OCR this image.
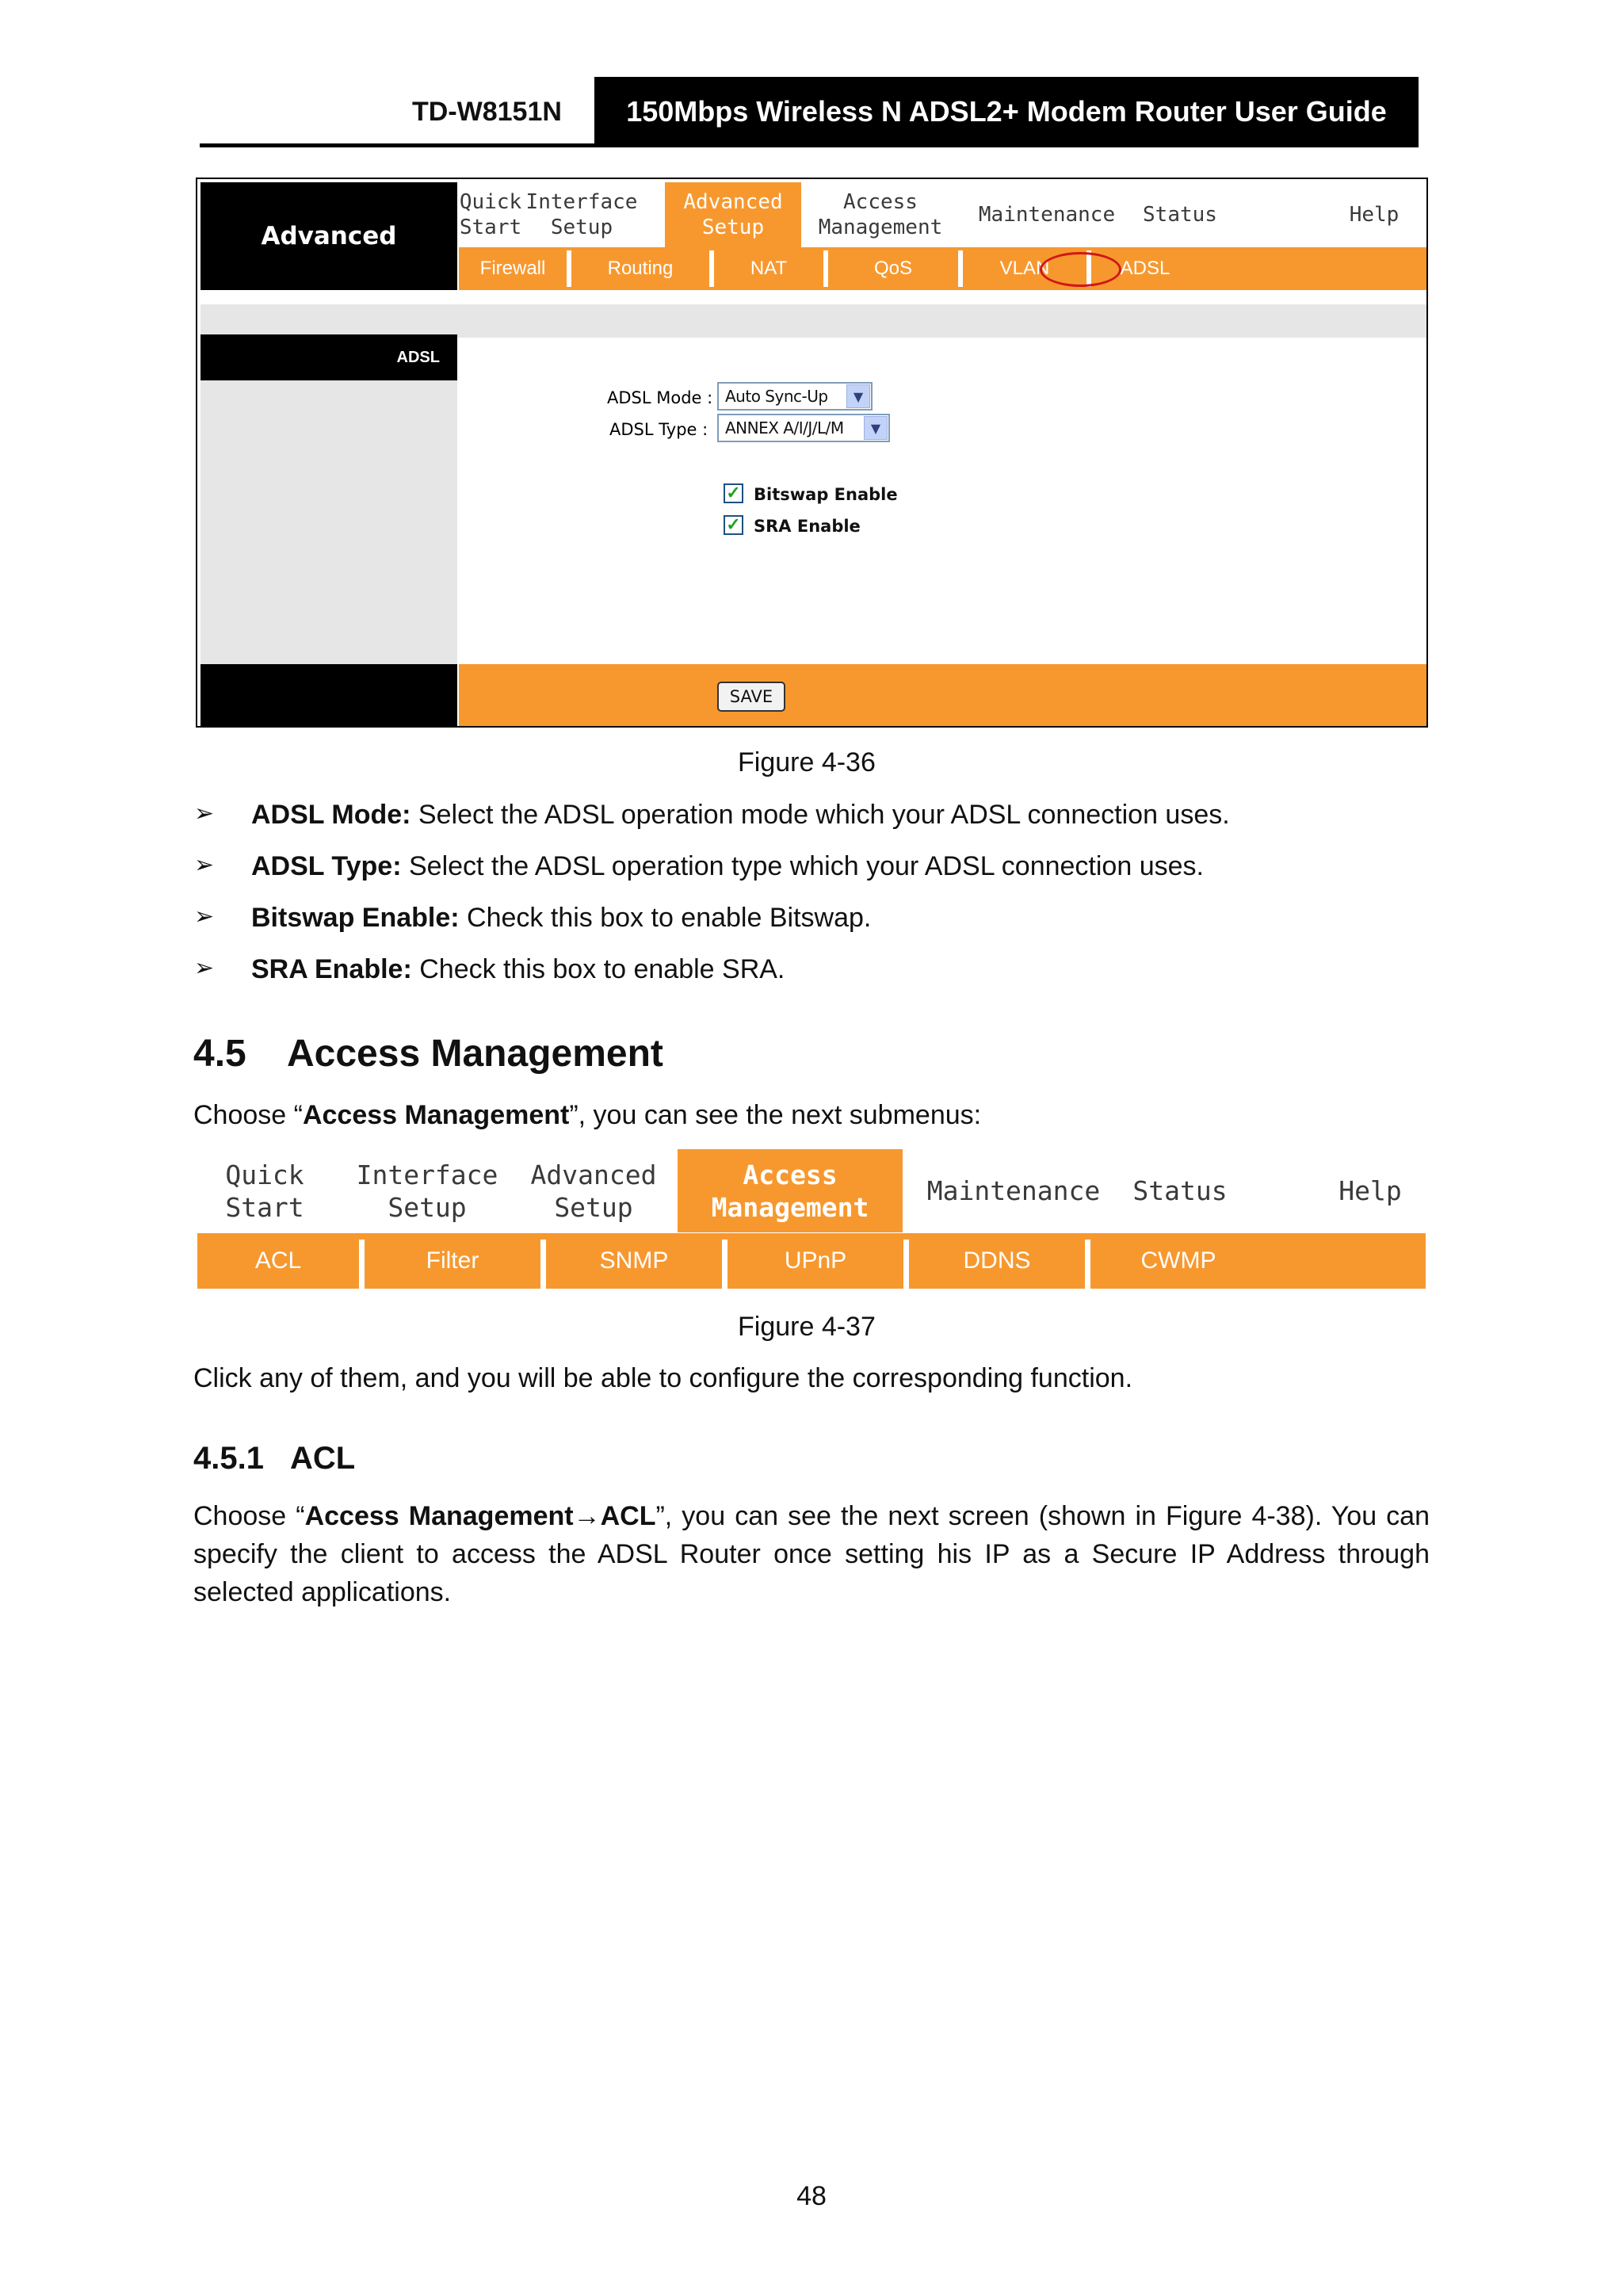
TD-W8151N	150Mbps Wireless N ADSL2+ Modem Router User Guide
Advanced
Quick
Start
Interface
Setup
Advanced
Setup
Access
Management
Maintenance	Status	Help
Firewall	Routing	NAT	QoS	VLAN	ADSL
ADSL
ADSL Mode : Auto Sync-Up	▼
ADSL Type : ANNEX A/I/J/L/M	▼
✓ Bitswap Enable
✓ SRA Enable
SAVE
Figure 4-36
➢ ADSL Mode: Select the ADSL operation mode which your ADSL connection uses.
➢ ADSL Type: Select the ADSL operation type which your ADSL connection uses.
➢ Bitswap Enable: Check this box to enable Bitswap.
➢ SRA Enable: Check this box to enable SRA.
4.5 Access Management
Choose “Access Management”, you can see the next submenus:
Quick
Start
Interface
Setup
Advanced
Setup
Access
Management
Maintenance	Status	Help
ACL	Filter	SNMP	UPnP	DDNS	CWMP
Figure 4-37
Click any of them, and you will be able to configure the corresponding function.
4.5.1 ACL
Choose “Access Management→ACL”, you can see the next screen (shown in Figure 4-38). You can specify the client to access the ADSL Router once setting his IP as a Secure IP Address through selected applications.
48
